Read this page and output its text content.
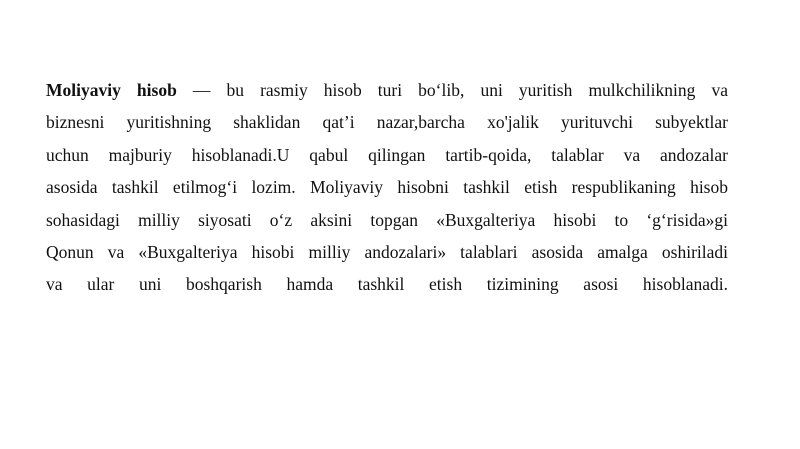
Moliyaviy hisob — bu rasmiy hisob turi bo‘lib, uni yuritish mulkchilikning va
biznesni yuritishning shaklidan qat’i nazar,barcha xo'jalik yurituvchi subyektlar
uchun majburiy hisoblanadi.U qabul qilingan tartib-qoida, talablar va andozalar
asosida tashkil etilmog‘i lozim. Moliyaviy hisobni tashkil etish respublikaning hisob
sohasidagi milliy siyosati o‘z aksini topgan «Buxgalteriya hisobi to ‘g‘risida»gi
Qonun va «Buxgalteriya hisobi milliy andozalari» talablari asosida amalga oshiriladi
va ular uni boshqarish hamda tashkil etish tizimining asosi hisoblanadi.
